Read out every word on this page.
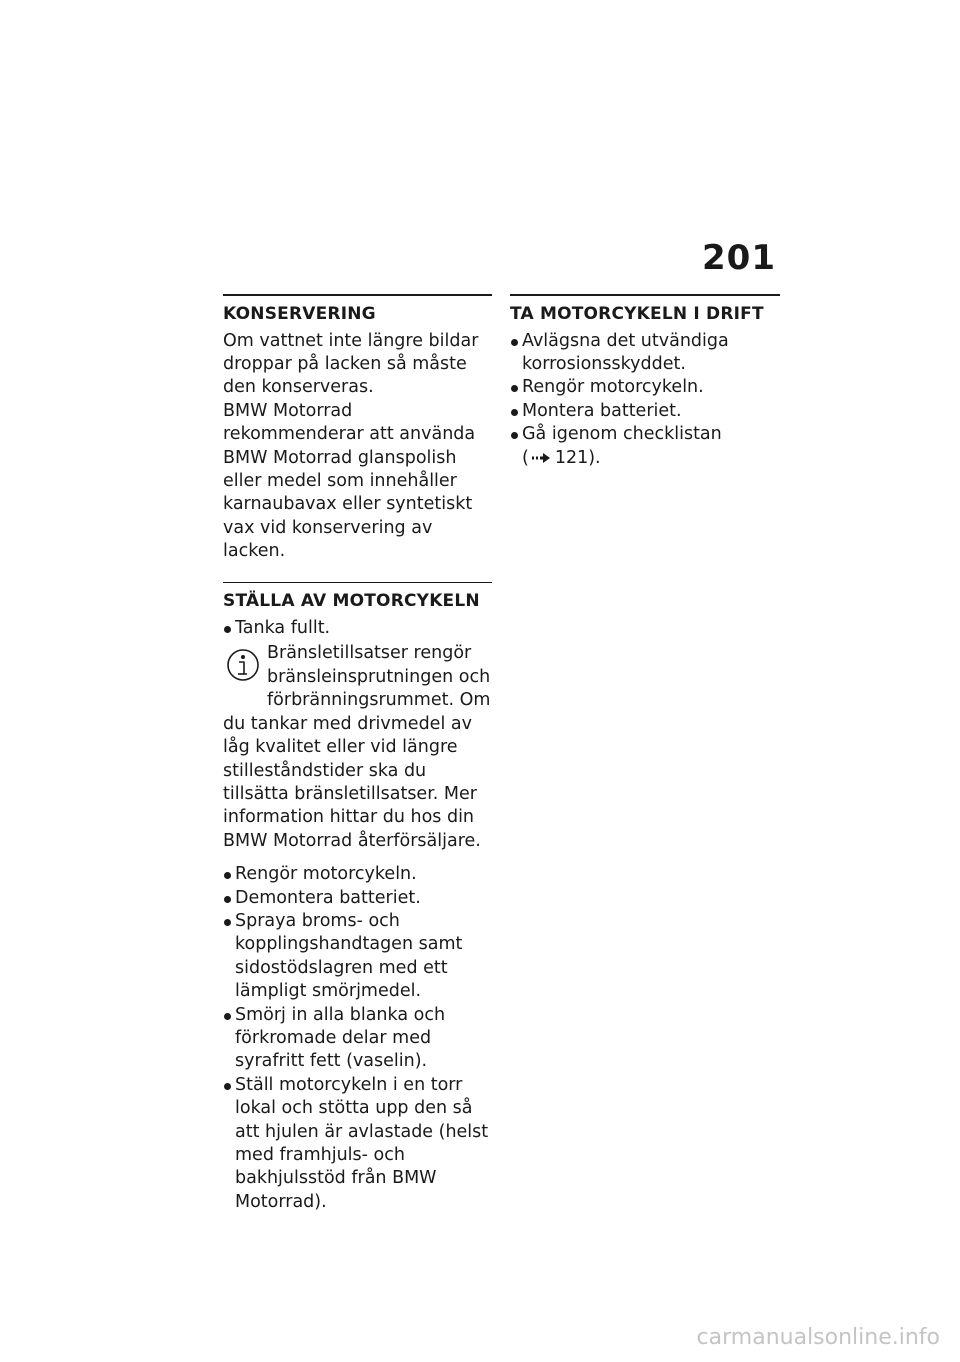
201
KONSERVERING

Om vattnet inte längre bildar droppar på lacken så måste den konserveras.

BMW Motorrad rekommenderar att använda BMW Motorrad glanspolish eller medel som innehåller karnaubavax eller syntetiskt vax vid konservering av lacken.

STÄLLA AV MOTORCYKELN
Tanka fullt.
Bränsletillsatser rengör bränsleinsprutningen och förbränningsrummet. Om du tankar med drivmedel av låg kvalitet eller vid längre stilleståndstider ska du tillsätta bränsletillsatser. Mer information hittar du hos din BMW Motorrad återförsäljare.
Rengör motorcykeln.
Demontera batteriet.
Spraya broms- och kopplingshandtagen samt sidostödslagren med ett lämpligt smörjmedel.
Smörj in alla blanka och förkromade delar med syrafritt fett (vaselin).
Ställ motorcykeln i en torr lokal och stötta upp den så att hjulen är avlastade (helst med framhjuls- och bakhjulsstöd från BMW Motorrad).
TA MOTORCYKELN I DRIFT
Avlägsna det utvändiga korrosionsskyddet.
Rengör motorcykeln.
Montera batteriet.
Gå igenom checklistan
( 121).
carmanualsonline.info
